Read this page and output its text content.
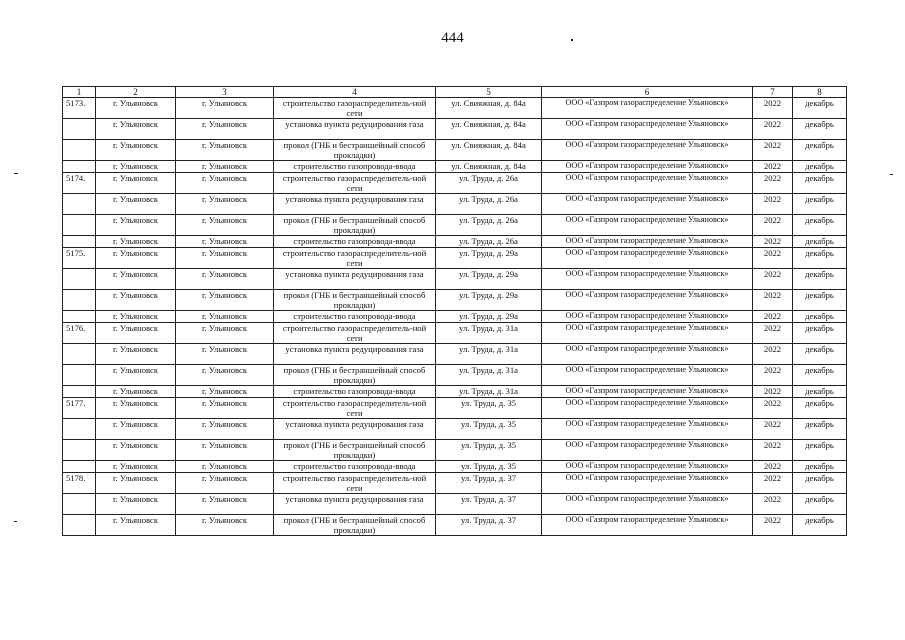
444
1	2	3	4	5	6	7	8
5173.	г. Ульяновск	г. Ульяновск	строительство газораспределитель-ной сети	ул. Свияжная, д. 84а	ООО «Газпром газораспределение Ульяновск»	2022	декабрь
	г. Ульяновск	г. Ульяновск	установка пункта редуцирования газа	ул. Свияжная, д. 84а	ООО «Газпром газораспределение Ульяновск»	2022	декабрь
	г. Ульяновск	г. Ульяновск	прокол (ГНБ и бестраншейный способ прокладки)	ул. Свияжная, д. 84а	ООО «Газпром газораспределение Ульяновск»	2022	декабрь
	г. Ульяновск	г. Ульяновск	строительство газопровода-ввода	ул. Свияжная, д. 84а	ООО «Газпром газораспределение Ульяновск»	2022	декабрь
5174.	г. Ульяновск	г. Ульяновск	строительство газораспределитель-ной сети	ул. Труда, д. 26а	ООО «Газпром газораспределение Ульяновск»	2022	декабрь
	г. Ульяновск	г. Ульяновск	установка пункта редуцирования газа	ул. Труда, д. 26а	ООО «Газпром газораспределение Ульяновск»	2022	декабрь
	г. Ульяновск	г. Ульяновск	прокол (ГНБ и бестраншейный способ прокладки)	ул. Труда, д. 26а	ООО «Газпром газораспределение Ульяновск»	2022	декабрь
	г. Ульяновск	г. Ульяновск	строительство газопровода-ввода	ул. Труда, д. 26а	ООО «Газпром газораспределение Ульяновск»	2022	декабрь
5175.	г. Ульяновск	г. Ульяновск	строительство газораспределитель-ной сети	ул. Труда, д. 29а	ООО «Газпром газораспределение Ульяновск»	2022	декабрь
	г. Ульяновск	г. Ульяновск	установка пункта редуцирования газа	ул. Труда, д. 29а	ООО «Газпром газораспределение Ульяновск»	2022	декабрь
	г. Ульяновск	г. Ульяновск	прокол (ГНБ и бестраншейный способ прокладки)	ул. Труда, д. 29а	ООО «Газпром газораспределение Ульяновск»	2022	декабрь
	г. Ульяновск	г. Ульяновск	строительство газопровода-ввода	ул. Труда, д. 29а	ООО «Газпром газораспределение Ульяновск»	2022	декабрь
5176.	г. Ульяновск	г. Ульяновск	строительство газораспределитель-ной сети	ул. Труда, д. 31а	ООО «Газпром газораспределение Ульяновск»	2022	декабрь
	г. Ульяновск	г. Ульяновск	установка пункта редуцирования газа	ул. Труда, д. 31а	ООО «Газпром газораспределение Ульяновск»	2022	декабрь
	г. Ульяновск	г. Ульяновск	прокол (ГНБ и бестраншейный способ прокладки)	ул. Труда, д. 31а	ООО «Газпром газораспределение Ульяновск»	2022	декабрь
	г. Ульяновск	г. Ульяновск	строительство газопровода-ввода	ул. Труда, д. 31а	ООО «Газпром газораспределение Ульяновск»	2022	декабрь
5177.	г. Ульяновск	г. Ульяновск	строительство газораспределитель-ной сети	ул. Труда, д. 35	ООО «Газпром газораспределение Ульяновск»	2022	декабрь
	г. Ульяновск	г. Ульяновск	установка пункта редуцирования газа	ул. Труда, д. 35	ООО «Газпром газораспределение Ульяновск»	2022	декабрь
	г. Ульяновск	г. Ульяновск	прокол (ГНБ и бестраншейный способ прокладки)	ул. Труда, д. 35	ООО «Газпром газораспределение Ульяновск»	2022	декабрь
	г. Ульяновск	г. Ульяновск	строительство газопровода-ввода	ул. Труда, д. 35	ООО «Газпром газораспределение Ульяновск»	2022	декабрь
5178.	г. Ульяновск	г. Ульяновск	строительство газораспределитель-ной сети	ул. Труда, д. 37	ООО «Газпром газораспределение Ульяновск»	2022	декабрь
	г. Ульяновск	г. Ульяновск	установка пункта редуцирования газа	ул. Труда, д. 37	ООО «Газпром газораспределение Ульяновск»	2022	декабрь
	г. Ульяновск	г. Ульяновск	прокол (ГНБ и бестраншейный способ прокладки)	ул. Труда, д. 37	ООО «Газпром газораспределение Ульяновск»	2022	декабрь
